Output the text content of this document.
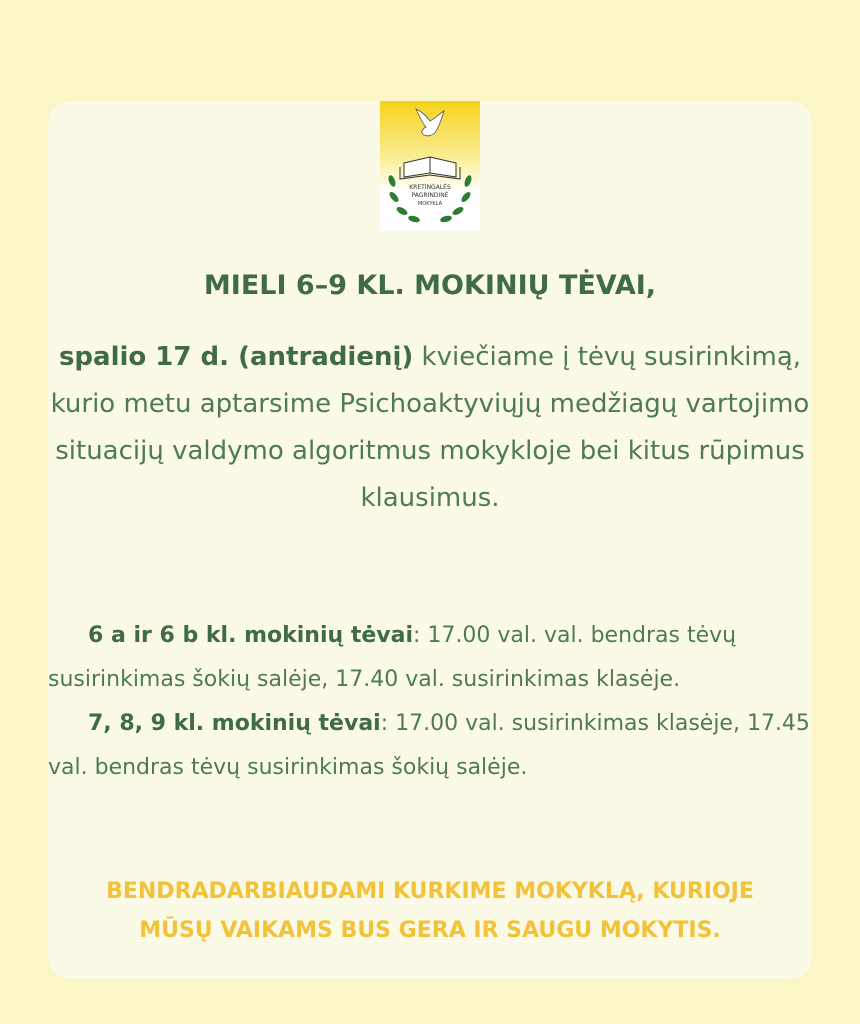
KRETINGALĖS
PAGRINDINĖ
MOKYKLA
MIELI 6–9 KL. MOKINIŲ TĖVAI,
spalio 17 d. (antradienį) kviečiame į tėvų susirinkimą, kurio metu aptarsime Psichoaktyviųjų medžiagų vartojimo situacijų valdymo algoritmus mokykloje bei kitus rūpimus klausimus.

6 a ir 6 b kl. mokinių tėvai: 17.00 val. val. bendras tėvų susirinkimas šokių salėje, 17.40 val. susirinkimas klasėje.

7, 8, 9 kl. mokinių tėvai: 17.00 val. susirinkimas klasėje, 17.45 val. bendras tėvų susirinkimas šokių salėje.

BENDRADARBIAUDAMI KURKIME MOKYKLĄ, KURIOJE
MŪSŲ VAIKAMS BUS GERA IR SAUGU MOKYTIS.
